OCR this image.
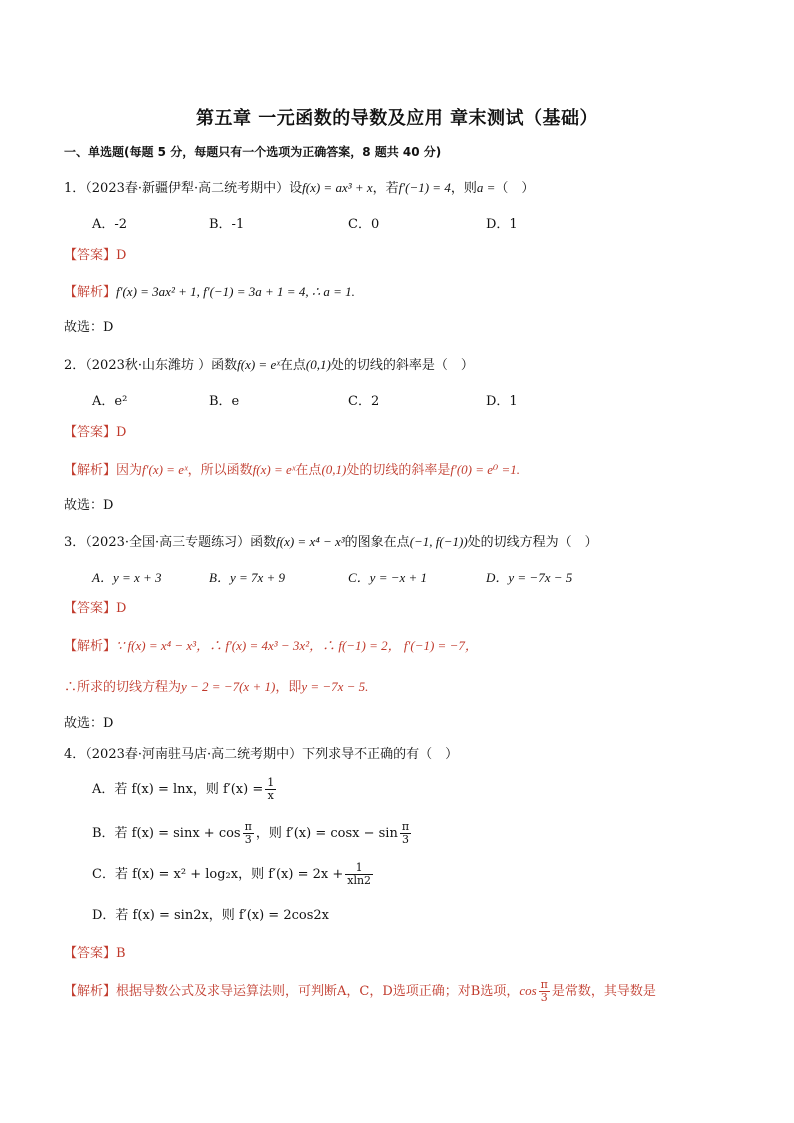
第五章 一元函数的导数及应用 章末测试（基础）
一、单选题(每题 5 分，每题只有一个选项为正确答案，8 题共 40 分)
1．（2023春·新疆伊犁·高二统考期中）设f(x) = ax³ + x，若f′(−1) = 4，则a =（　）
A．-2	B．-1	C．0	D．1
【答案】D
【解析】f′(x) = 3ax² + 1, f′(−1) = 3a + 1 = 4, ∴ a = 1.
故选：D
2．（2023秋·山东潍坊 ）函数f(x) = eˣ在点(0,1)处的切线的斜率是（　）
A．e²	B．e	C．2	D．1
【答案】D
【解析】因为f′(x) = eˣ，所以函数f(x) = eˣ在点(0,1)处的切线的斜率是f′(0) = e⁰ =1.
故选：D
3．（2023·全国·高三专题练习）函数f(x) = x⁴ − x³的图象在点(−1, f(−1))处的切线方程为（　）
A．y = x + 3	B．y = 7x + 9	C．y = −x + 1	D．y = −7x − 5
【答案】D
【解析】∵ f(x) = x⁴ − x³，∴ f′(x) = 4x³ − 3x²，∴ f(−1) = 2， f′(−1) = −7，
∴所求的切线方程为y − 2 = −7(x + 1)，即y = −7x − 5.
故选：D
4．（2023春·河南驻马店·高二统考期中）下列求导不正确的有（　）
A．若 f(x) = lnx，则 $f'(x) = \frac{1}{x}$
B．若 $f(x) = \sin x + \cos \frac{\pi}{3}$ ，则 $f'(x) = \cos x - \sin \frac{\pi}{3}$
C．若 f(x) = x² + log₂x，则 $f'(x) = 2x + \frac{1}{xln2}$
D．若 f(x) = sin2x，则 f′(x) = 2cos2x
【答案】B
【解析】根据导数公式及求导运算法则，可判断A，C，D选项正确；对B选项，$\cos \frac{\pi}{3}$ 是常数，其导数是
